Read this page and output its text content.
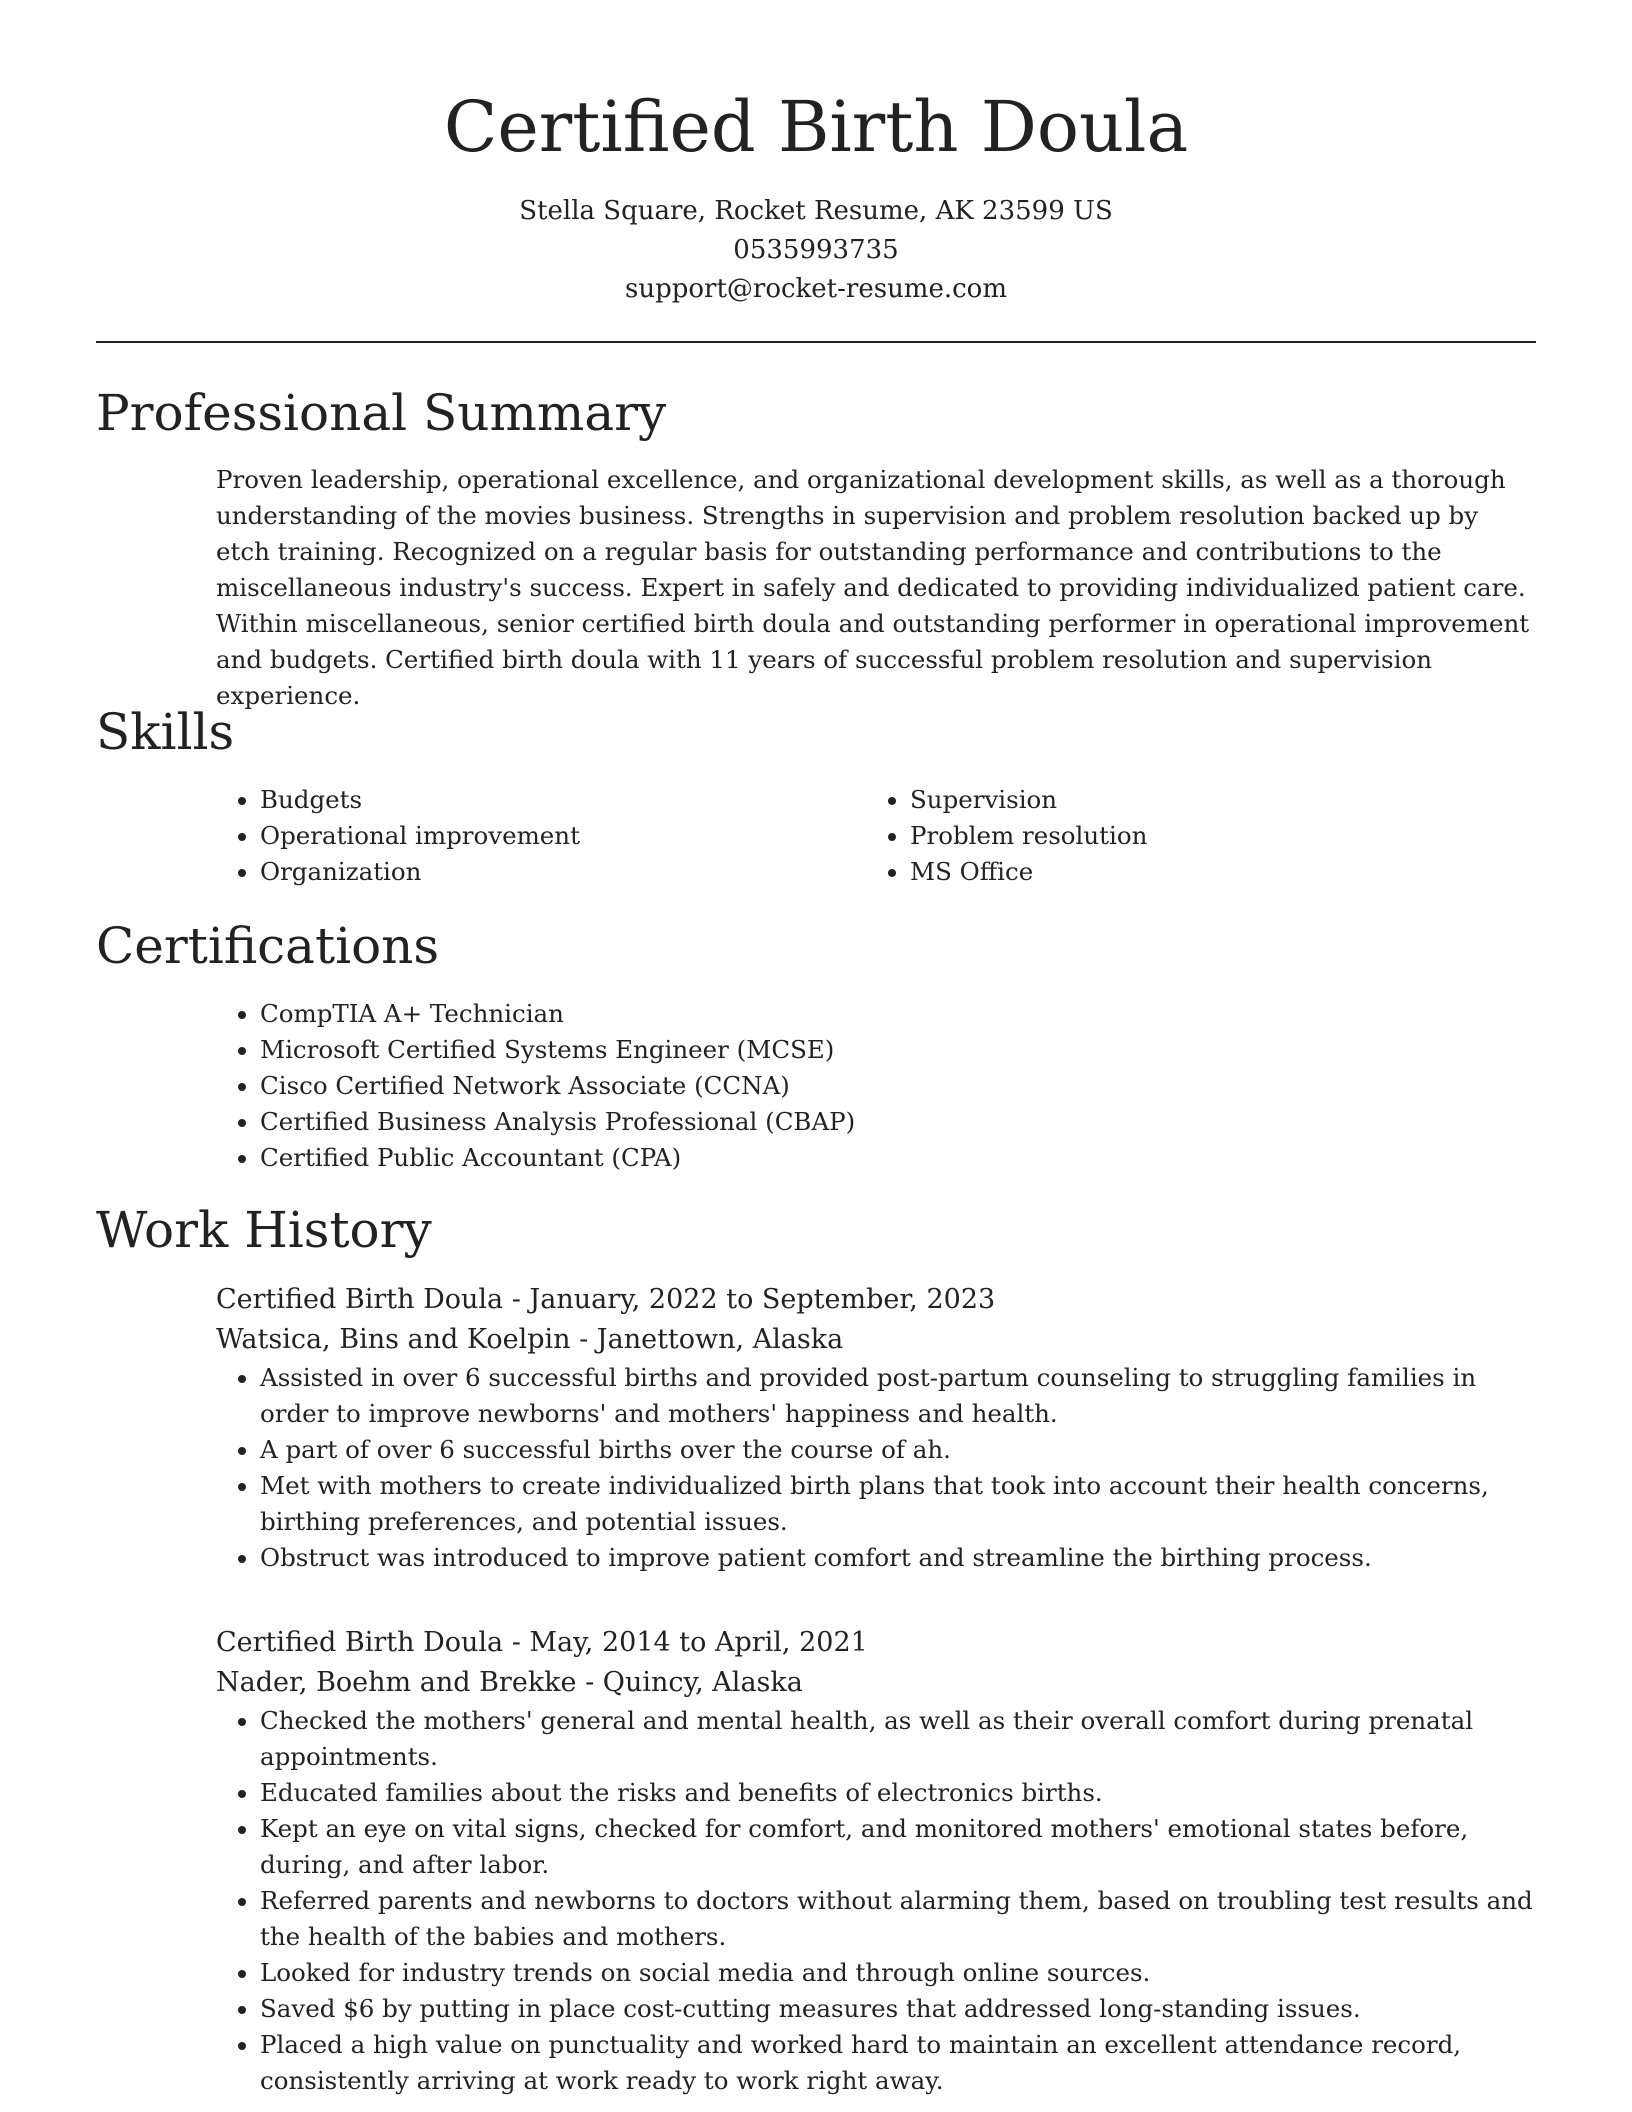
Certified Birth Doula
Stella Square, Rocket Resume, AK 23599 US
0535993735
support@rocket-resume.com
Professional Summary

Proven leadership, operational excellence, and organizational development skills, as well as a thorough understanding of the movies business. Strengths in supervision and problem resolution backed up by etch training. Recognized on a regular basis for outstanding performance and contributions to the miscellaneous industry's success. Expert in safely and dedicated to providing individualized patient care. Within miscellaneous, senior certified birth doula and outstanding performer in operational improvement and budgets. Certified birth doula with 11 years of successful problem resolution and supervision experience.

Skills
• Budgets
• Operational improvement
• Organization
• Supervision
• Problem resolution
• MS Office
Certifications
• CompTIA A+ Technician
• Microsoft Certified Systems Engineer (MCSE)
• Cisco Certified Network Associate (CCNA)
• Certified Business Analysis Professional (CBAP)
• Certified Public Accountant (CPA)
Work History
Certified Birth Doula - January, 2022 to September, 2023
Watsica, Bins and Koelpin - Janettown, Alaska
• Assisted in over 6 successful births and provided post-partum counseling to struggling families in order to improve newborns' and mothers' happiness and health.
• A part of over 6 successful births over the course of ah.
• Met with mothers to create individualized birth plans that took into account their health concerns, birthing preferences, and potential issues.
• Obstruct was introduced to improve patient comfort and streamline the birthing process.
Certified Birth Doula - May, 2014 to April, 2021
Nader, Boehm and Brekke - Quincy, Alaska
• Checked the mothers' general and mental health, as well as their overall comfort during prenatal appointments.
• Educated families about the risks and benefits of electronics births.
• Kept an eye on vital signs, checked for comfort, and monitored mothers' emotional states before, during, and after labor.
• Referred parents and newborns to doctors without alarming them, based on troubling test results and the health of the babies and mothers.
• Looked for industry trends on social media and through online sources.
• Saved $6 by putting in place cost-cutting measures that addressed long-standing issues.
• Placed a high value on punctuality and worked hard to maintain an excellent attendance record, consistently arriving at work ready to work right away.
